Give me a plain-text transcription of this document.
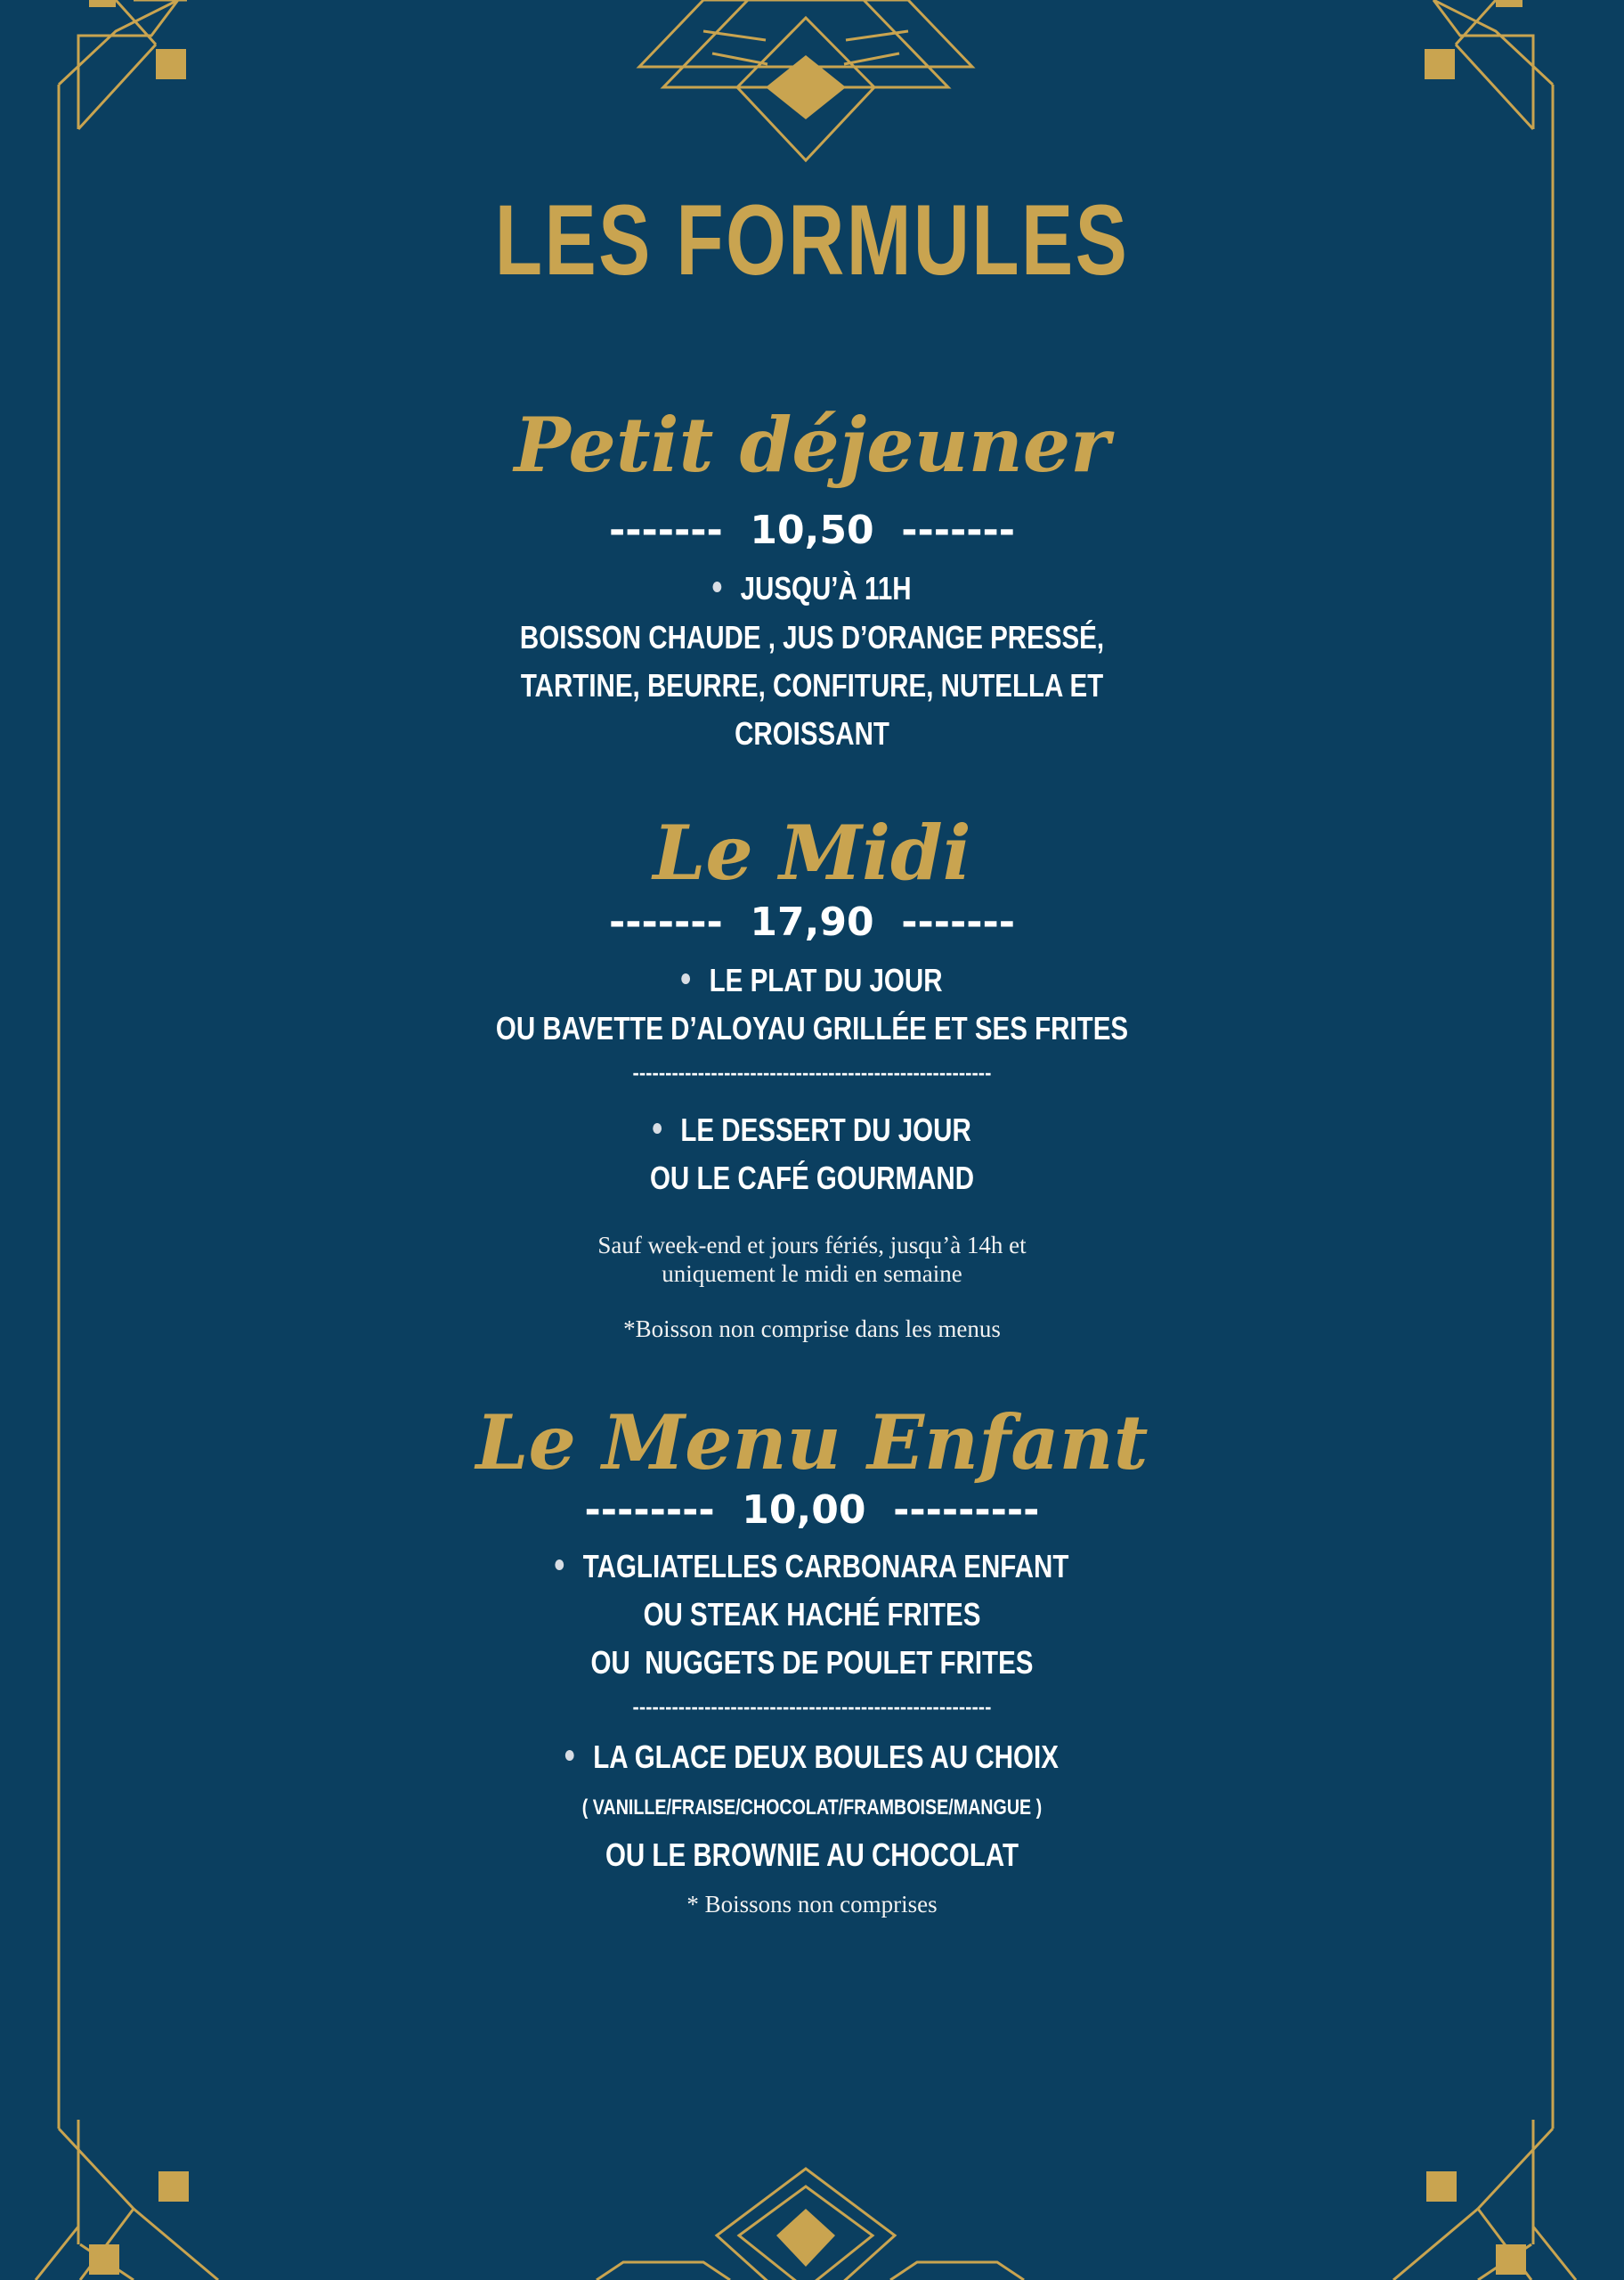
LES FORMULES
Petit déjeuner
-------  10,50  -------
JUSQU’À 11H
BOISSON CHAUDE , JUS D’ORANGE PRESSÉ,
TARTINE, BEURRE, CONFITURE, NUTELLA ET
CROISSANT
Le Midi
-------  17,90  -------
LE PLAT DU JOUR
OU BAVETTE D’ALOYAU GRILLÉE ET SES FRITES
-------------------------------------------------------
LE DESSERT DU JOUR
OU LE CAFÉ GOURMAND
Sauf week-end et jours fériés, jusqu’à 14h et
uniquement le midi en semaine
*Boisson non comprise dans les menus
Le Menu Enfant
--------  10,00  ---------
TAGLIATELLES CARBONARA ENFANT
OU STEAK HACHÉ FRITES
OU  NUGGETS DE POULET FRITES
-------------------------------------------------------
LA GLACE DEUX BOULES AU CHOIX
( VANILLE/FRAISE/CHOCOLAT/FRAMBOISE/MANGUE )
OU LE BROWNIE AU CHOCOLAT
* Boissons non comprises
